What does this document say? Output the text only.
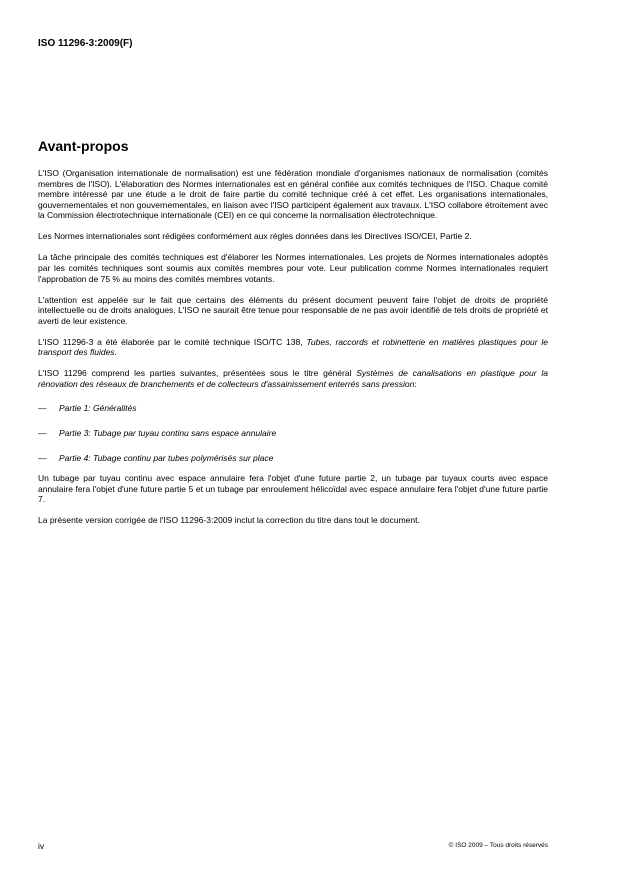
ISO 11296-3:2009(F)
Avant-propos

L'ISO (Organisation internationale de normalisation) est une fédération mondiale d'organismes nationaux de normalisation (comités membres de l'ISO). L'élaboration des Normes internationales est en général confiée aux comités techniques de l'ISO. Chaque comité membre intéressé par une étude a le droit de faire partie du comité technique créé à cet effet. Les organisations internationales, gouvernementales et non gouvernementales, en liaison avec l'ISO participent également aux travaux. L'ISO collabore étroitement avec la Commission électrotechnique internationale (CEI) en ce qui concerne la normalisation électrotechnique.

Les Normes internationales sont rédigées conformément aux règles données dans les Directives ISO/CEI, Partie 2.

La tâche principale des comités techniques est d'élaborer les Normes internationales. Les projets de Normes internationales adoptés par les comités techniques sont soumis aux comités membres pour vote. Leur publication comme Normes internationales requiert l'approbation de 75 % au moins des comités membres votants.

L'attention est appelée sur le fait que certains des éléments du présent document peuvent faire l'objet de droits de propriété intellectuelle ou de droits analogues. L'ISO ne saurait être tenue pour responsable de ne pas avoir identifié de tels droits de propriété et averti de leur existence.

L'ISO 11296-3 a été élaborée par le comité technique ISO/TC 138, Tubes, raccords et robinetterie en matières plastiques pour le transport des fluides.

L'ISO 11296 comprend les parties suivantes, présentées sous le titre général Systèmes de canalisations en plastique pour la rénovation des réseaux de branchements et de collecteurs d'assainissement enterrés sans pression:

—	Partie 1: Généralités
—	Partie 3: Tubage par tuyau continu sans espace annulaire
—	Partie 4: Tubage continu par tubes polymérisés sur place

Un tubage par tuyau continu avec espace annulaire fera l'objet d'une future partie 2, un tubage par tuyaux courts avec espace annulaire fera l'objet d'une future partie 5 et un tubage par enroulement hélicoïdal avec espace annulaire fera l'objet d'une future partie 7.

La présente version corrigée de l'ISO 11296-3:2009 inclut la correction du titre dans tout le document.

iv	© ISO 2009 – Tous droits réservés
